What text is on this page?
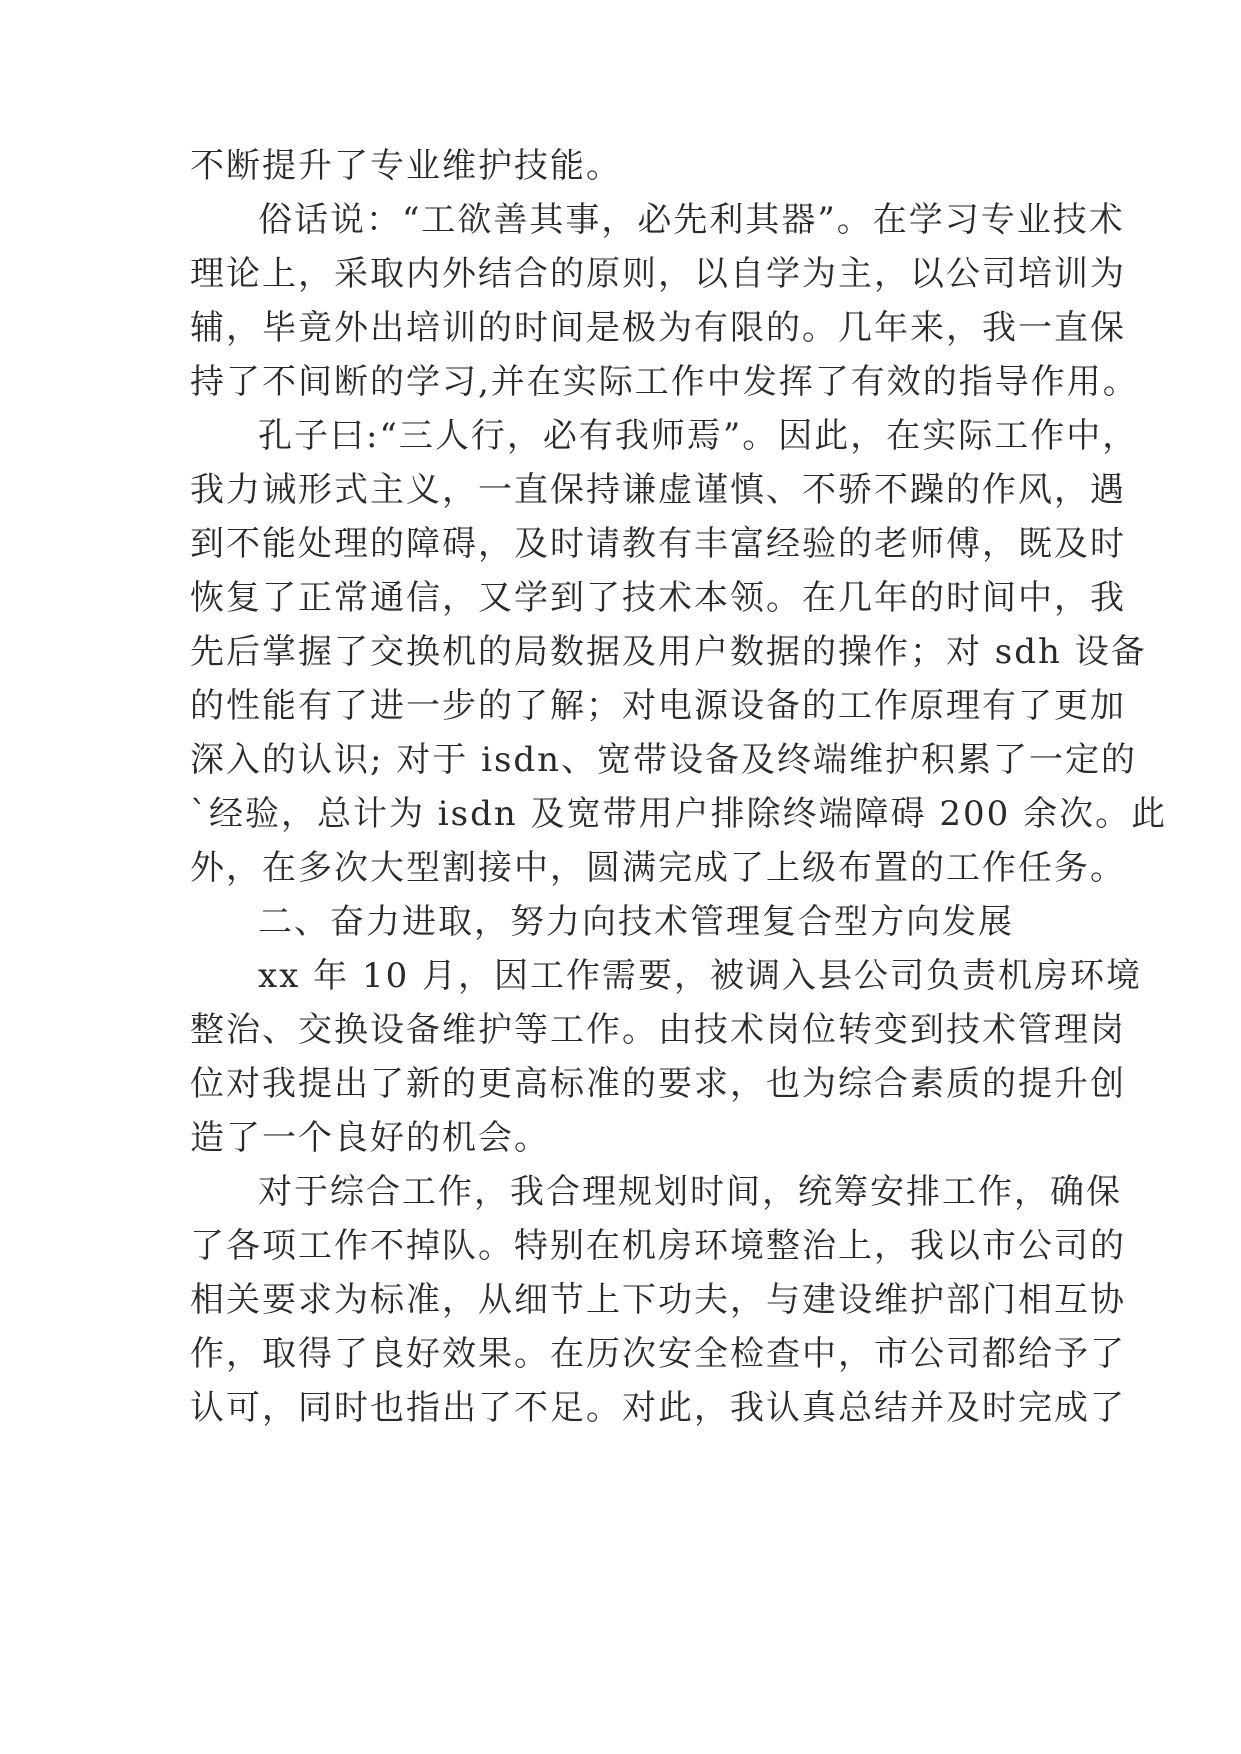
不断提升了专业维护技能。
俗话说：“工欲善其事，必先利其器”。在学习专业技术
理论上，采取内外结合的原则，以自学为主，以公司培训为
辅，毕竟外出培训的时间是极为有限的。几年来，我一直保
持了不间断的学习,并在实际工作中发挥了有效的指导作用。
孔子曰:“三人行，必有我师焉”。因此，在实际工作中，
我力诫形式主义，一直保持谦虚谨慎、不骄不躁的作风，遇
到不能处理的障碍，及时请教有丰富经验的老师傅，既及时
恢复了正常通信，又学到了技术本领。在几年的时间中，我
先后掌握了交换机的局数据及用户数据的操作；对 sdh 设备
的性能有了进一步的了解；对电源设备的工作原理有了更加
深入的认识; 对于 isdn、宽带设备及终端维护积累了一定的
`经验，总计为 isdn 及宽带用户排除终端障碍 200 余次。此
外，在多次大型割接中，圆满完成了上级布置的工作任务。
二、奋力进取，努力向技术管理复合型方向发展
xx 年 10 月，因工作需要，被调入县公司负责机房环境
整治、交换设备维护等工作。由技术岗位转变到技术管理岗
位对我提出了新的更高标准的要求，也为综合素质的提升创
造了一个良好的机会。
对于综合工作，我合理规划时间，统筹安排工作，确保
了各项工作不掉队。特别在机房环境整治上，我以市公司的
相关要求为标准，从细节上下功夫，与建设维护部门相互协
作，取得了良好效果。在历次安全检查中，市公司都给予了
认可，同时也指出了不足。对此，我认真总结并及时完成了
